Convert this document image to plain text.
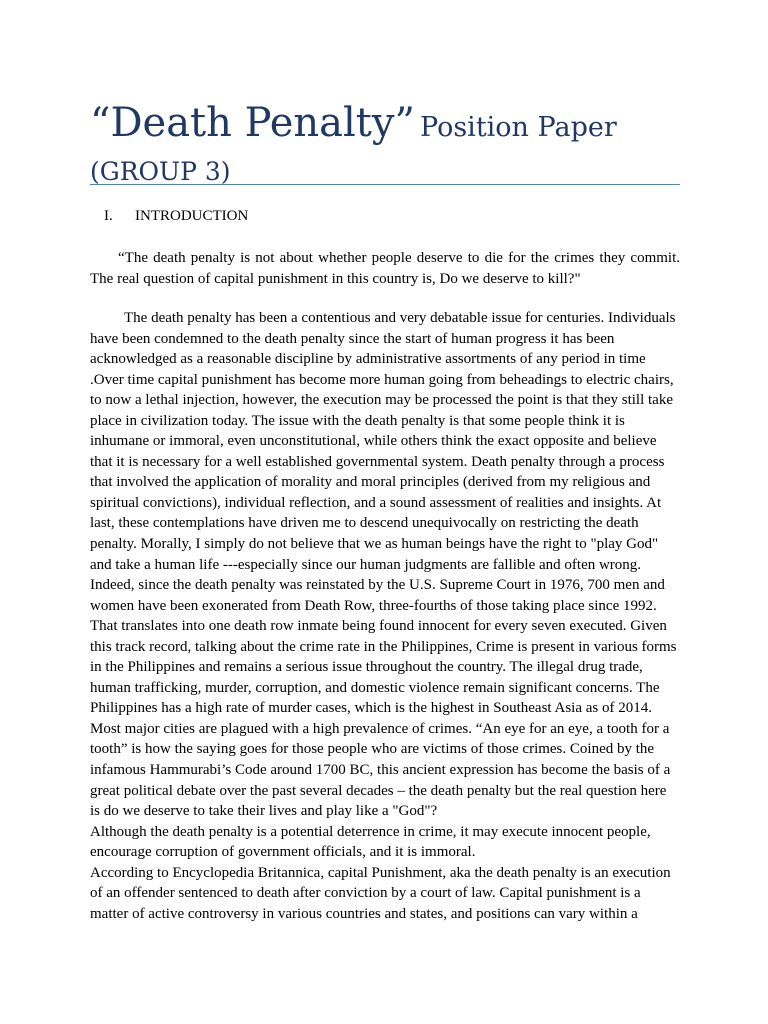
“Death Penalty” Position Paper
(GROUP 3)
I.	INTRODUCTION
“The death penalty is not about whether people deserve to die for the crimes they commit. The real question of capital punishment in this country is, Do we deserve to kill?"

The death penalty has been a contentious and very debatable issue for centuries. Individuals have been condemned to the death penalty since the start of human progress it has been acknowledged as a reasonable discipline by administrative assortments of any period in time .Over time capital punishment has become more human going from beheadings to electric chairs, to now a lethal injection, however, the execution may be processed the point is that they still take place in civilization today. The issue with the death penalty is that some people think it is inhumane or immoral, even unconstitutional, while others think the exact opposite and believe that it is necessary for a well established governmental system. Death penalty through a process that involved the application of morality and moral principles (derived from my religious and spiritual convictions), individual reflection, and a sound assessment of realities and insights. At last, these contemplations have driven me to descend unequivocally on restricting the death penalty. Morally, I simply do not believe that we as human beings have the right to "play God" and take a human life ---especially since our human judgments are fallible and often wrong. Indeed, since the death penalty was reinstated by the U.S. Supreme Court in 1976, 700 men and women have been exonerated from Death Row, three-fourths of those taking place since 1992. That translates into one death row inmate being found innocent for every seven executed. Given this track record, talking about the crime rate in the Philippines, Crime is present in various forms in the Philippines and remains a serious issue throughout the country. The illegal drug trade, human trafficking, murder, corruption, and domestic violence remain significant concerns. The Philippines has a high rate of murder cases, which is the highest in Southeast Asia as of 2014. Most major cities are plagued with a high prevalence of crimes. “An eye for an eye, a tooth for a tooth” is how the saying goes for those people who are victims of those crimes. Coined by the infamous Hammurabi’s Code around 1700 BC, this ancient expression has become the basis of a great political debate over the past several decades – the death penalty but the real question here is do we deserve to take their lives and play like a "God"?

Although the death penalty is a potential deterrence in crime, it may execute innocent people, encourage corruption of government officials, and it is immoral.

According to Encyclopedia Britannica, capital Punishment, aka the death penalty is an execution of an offender sentenced to death after conviction by a court of law. Capital punishment is a matter of active controversy in various countries and states, and positions can vary within a
